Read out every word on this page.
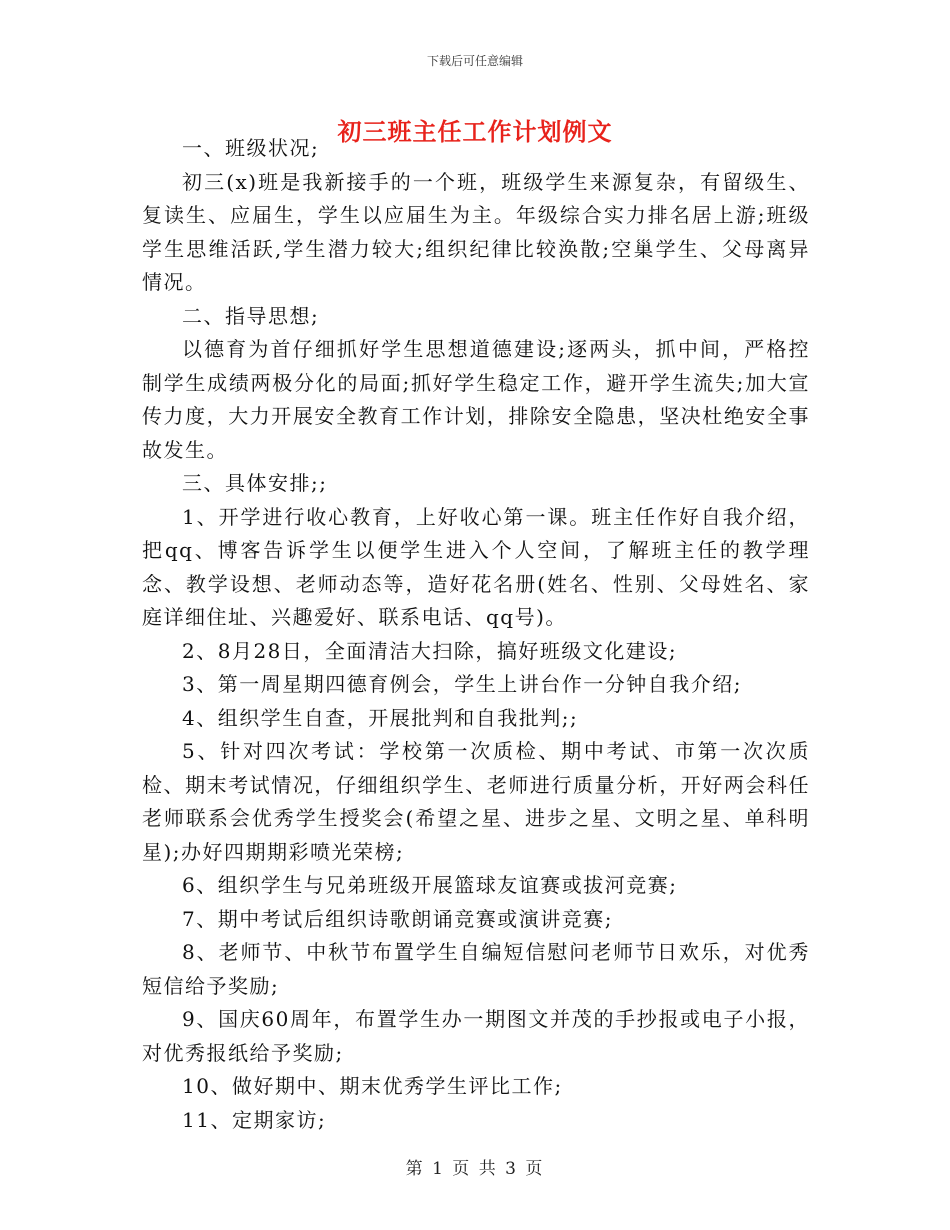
下载后可任意编辑
初三班主任工作计划例文

一、班级状况;

初三(x)班是我新接手的一个班，班级学生来源复杂，有留级生、复读生、应届生，学生以应届生为主。年级综合实力排名居上游;班级学生思维活跃,学生潜力较大;组织纪律比较涣散;空巢学生、父母离异情况。

二、指导思想;

以德育为首仔细抓好学生思想道德建设;逐两头，抓中间，严格控制学生成绩两极分化的局面;抓好学生稳定工作，避开学生流失;加大宣传力度，大力开展安全教育工作计划，排除安全隐患，坚决杜绝安全事故发生。

三、具体安排;;

1、开学进行收心教育，上好收心第一课。班主任作好自我介绍，把qq、博客告诉学生以便学生进入个人空间，了解班主任的教学理念、教学设想、老师动态等，造好花名册(姓名、性别、父母姓名、家庭详细住址、兴趣爱好、联系电话、qq号)。

2、8月28日，全面清洁大扫除，搞好班级文化建设;

3、第一周星期四德育例会，学生上讲台作一分钟自我介绍;

4、组织学生自查，开展批判和自我批判;;

5、针对四次考试：学校第一次质检、期中考试、市第一次次质检、期末考试情况，仔细组织学生、老师进行质量分析，开好两会科任老师联系会优秀学生授奖会(希望之星、进步之星、文明之星、单科明星);办好四期期彩喷光荣榜;

6、组织学生与兄弟班级开展篮球友谊赛或拔河竞赛;

7、期中考试后组织诗歌朗诵竞赛或演讲竞赛;

8、老师节、中秋节布置学生自编短信慰问老师节日欢乐，对优秀短信给予奖励;

9、国庆60周年，布置学生办一期图文并茂的手抄报或电子小报，对优秀报纸给予奖励;

10、做好期中、期末优秀学生评比工作;

11、定期家访;

第 1 页 共 3 页
